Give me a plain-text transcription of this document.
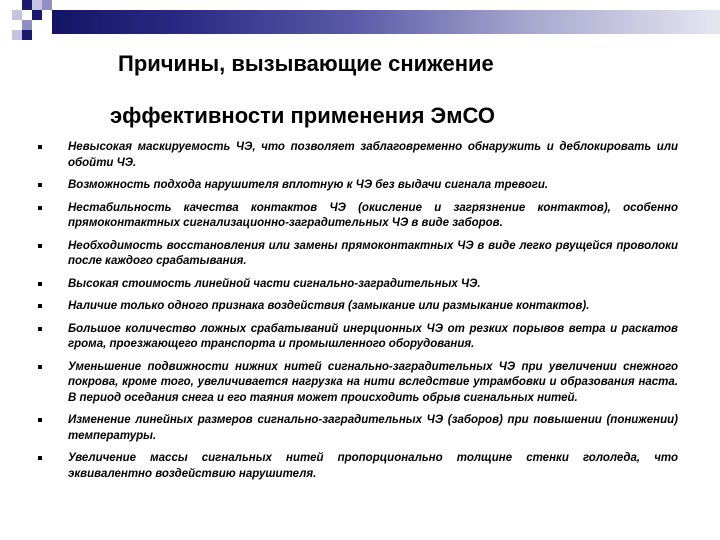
Причины, вызывающие снижение
эффективности применения ЭмСО
Невысокая маскируемость ЧЭ, что позволяет заблаговременно обнаружить и деблокировать или обойти ЧЭ.
Возможность подхода нарушителя вплотную к ЧЭ без выдачи сигнала тревоги.
Нестабильность качества контактов ЧЭ (окисление и загрязнение контактов), особенно прямоконтактных сигнализационно-заградительных ЧЭ в виде заборов.
Необходимость восстановления или замены прямоконтактных ЧЭ в виде легко рвущейся проволоки после каждого срабатывания.
Высокая стоимость линейной части сигнально-заградительных ЧЭ.
Наличие только одного признака воздействия (замыкание или размыкание контактов).
Большое количество ложных срабатываний инерционных ЧЭ от резких порывов ветра и раскатов грома, проезжающего транспорта и промышленного оборудования.
Уменьшение подвижности нижних нитей сигнально-заградительных ЧЭ при увеличении снежного покрова, кроме того, увеличивается нагрузка на нити вследствие утрамбовки и образования наста. В период оседания снега и его таяния может происходить обрыв сигнальных нитей.
Изменение линейных размеров сигнально-заградительных ЧЭ (заборов) при повышении (понижении) температуры.
Увеличение массы сигнальных нитей пропорционально толщине стенки гололеда, что эквивалентно воздействию нарушителя.
